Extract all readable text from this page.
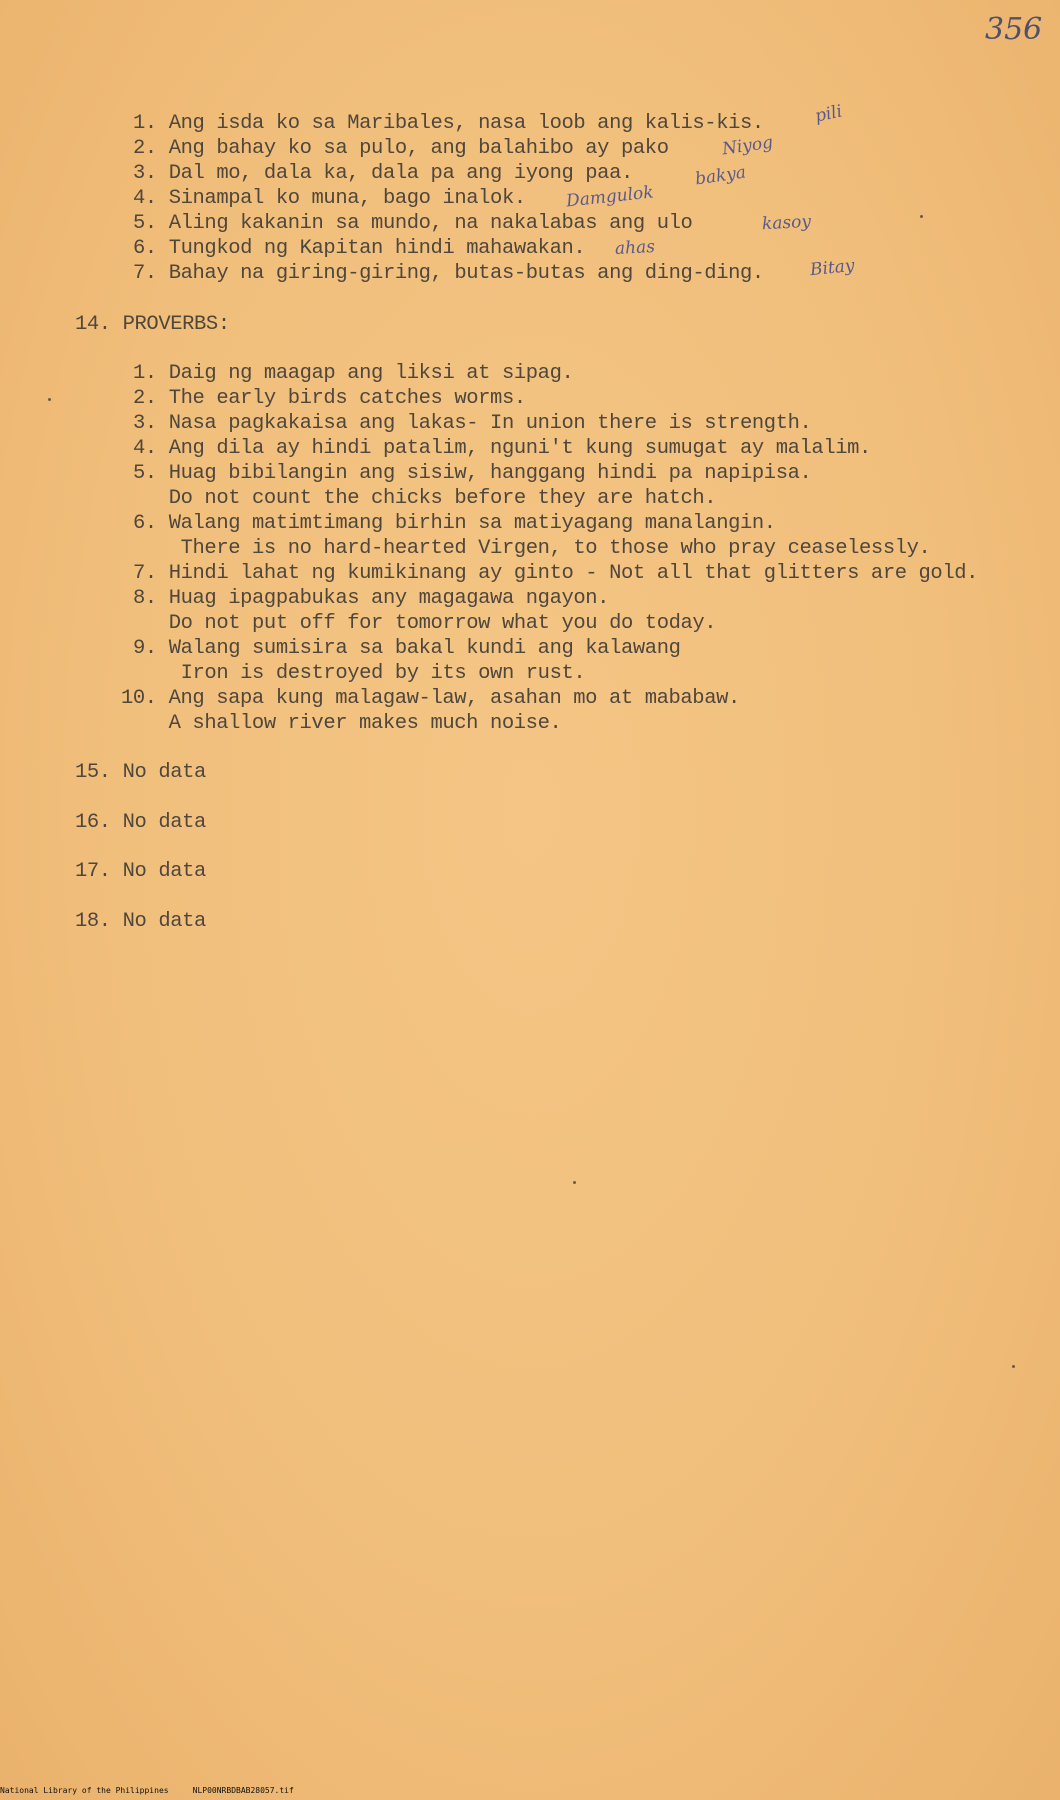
356
1. Ang isda ko sa Maribales, nasa loob ang kalis-kis.	pili
2. Ang bahay ko sa pulo, ang balahibo ay pako	Niyog
3. Dal mo, dala ka, dala pa ang iyong paa.	bakya
4. Sinampal ko muna, bago inalok. Damgulok
5. Aling kakanin sa mundo, na nakalabas ang ulo	kasoy
6. Tungkod ng Kapitan hindi mahawakan. ahas
7. Bahay na giring-giring, butas-butas ang ding-ding.	Bitay
14. PROVERBS:
1. Daig ng maagap ang liksi at sipag.
2. The early birds catches worms.
3. Nasa pagkakaisa ang lakas- In union there is strength.
4. Ang dila ay hindi patalim, nguni't kung sumugat ay malalim.
5. Huag bibilangin ang sisiw, hanggang hindi pa napipisa.
Do not count the chicks before they are hatch.
6. Walang matimtimang birhin sa matiyagang manalangin.
There is no hard-hearted Virgen, to those who pray ceaselessly.
7. Hindi lahat ng kumikinang ay ginto - Not all that glitters are gold.
8. Huag ipagpabukas any magagawa ngayon.
Do not put off for tomorrow what you do today.
9. Walang sumisira sa bakal kundi ang kalawang
Iron is destroyed by its own rust.
10. Ang sapa kung malagaw-law, asahan mo at mababaw.
A shallow river makes much noise.
15. No data
16. No data
17. No data
18. No data
National Library of the Philippines     NLP00NRBDBAB28057.tif
